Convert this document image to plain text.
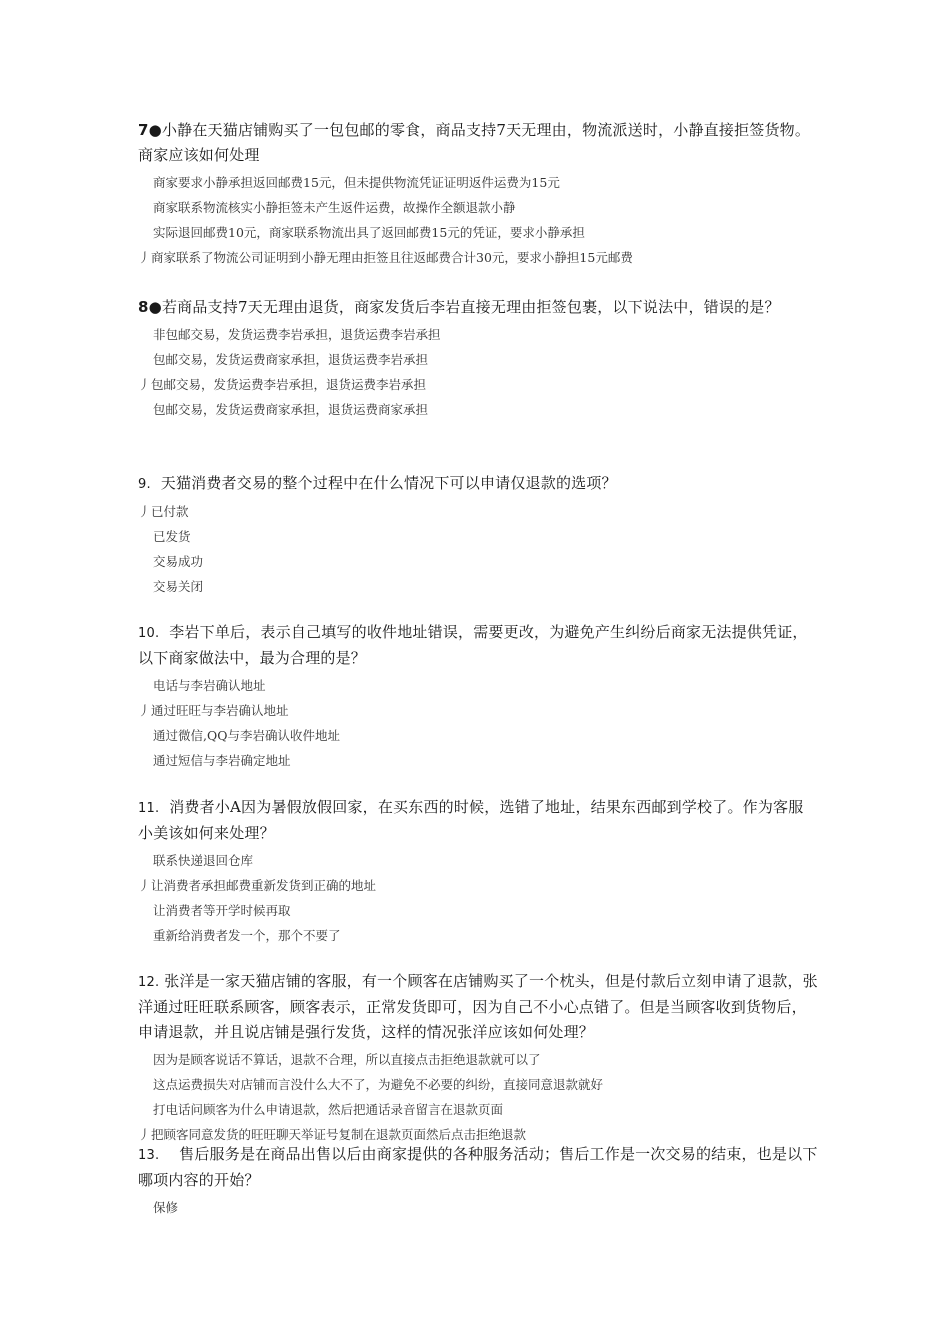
7●小静在天猫店铺购买了一包包邮的零食，商品支持7天无理由，物流派送时，小静直接拒签货物。商家应该如何处理
商家要求小静承担返回邮费15元，但未提供物流凭证证明返件运费为15元
商家联系物流核实小静拒签未产生返件运费，故操作全额退款小静
实际退回邮费10元，商家联系物流出具了返回邮费15元的凭证，要求小静承担
丿商家联系了物流公司证明到小静无理由拒签且往返邮费合计30元，要求小静担15元邮费
8●若商品支持7天无理由退货，商家发货后李岩直接无理由拒签包裹，以下说法中，错误的是？
非包邮交易，发货运费李岩承担，退货运费李岩承担
包邮交易，发货运费商家承担，退货运费李岩承担
丿包邮交易，发货运费李岩承担，退货运费李岩承担
包邮交易，发货运费商家承担，退货运费商家承担
9. 天猫消费者交易的整个过程中在什么情况下可以申请仅退款的选项？
丿已付款
已发货
交易成功
交易关闭
10. 李岩下单后，表示自己填写的收件地址错误，需要更改，为避免产生纠纷后商家无法提供凭证，以下商家做法中，最为合理的是？
电话与李岩确认地址
丿通过旺旺与李岩确认地址
通过微信,QQ与李岩确认收件地址
通过短信与李岩确定地址
11. 消费者小A因为暑假放假回家，在买东西的时候，选错了地址，结果东西邮到学校了。作为客服小美该如何来处理？
联系快递退回仓库
丿让消费者承担邮费重新发货到正确的地址
让消费者等开学时候再取
重新给消费者发一个，那个不要了
12. 张洋是一家天猫店铺的客服，有一个顾客在店铺购买了一个枕头，但是付款后立刻申请了退款，张洋通过旺旺联系顾客，顾客表示，正常发货即可，因为自己不小心点错了。但是当顾客收到货物后，申请退款，并且说店铺是强行发货，这样的情况张洋应该如何处理？
因为是顾客说话不算话，退款不合理，所以直接点击拒绝退款就可以了
这点运费损失对店铺而言没什么大不了，为避免不必要的纠纷，直接同意退款就好
打电话问顾客为什么申请退款，然后把通话录音留言在退款页面
丿把顾客同意发货的旺旺聊天举证号复制在退款页面然后点击拒绝退款
13. 售后服务是在商品出售以后由商家提供的各种服务活动；售后工作是一次交易的结束，也是以下哪项内容的开始？
保修
